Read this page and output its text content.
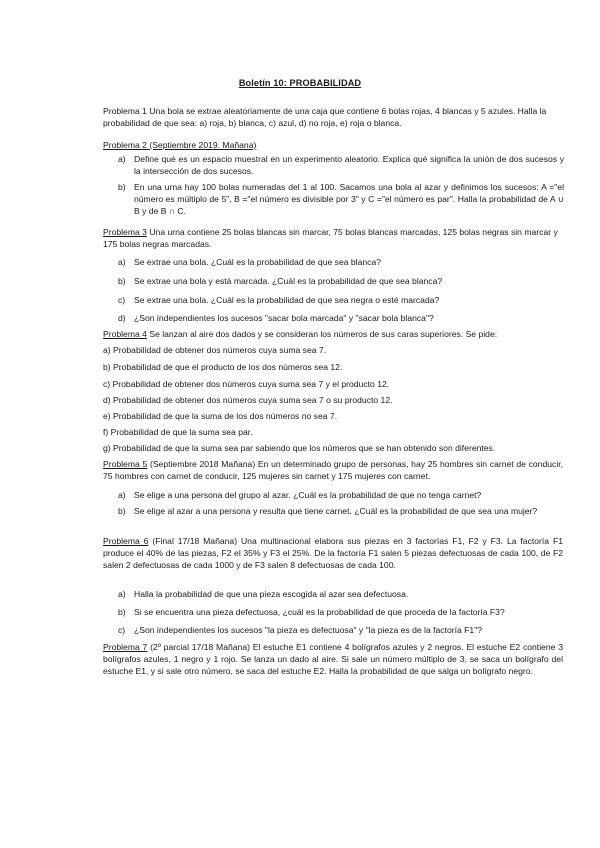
Boletín 10: PROBABILIDAD
Problema 1 Una bola se extrae aleatoriamente de una caja que contiene 6 bolas rojas, 4 blancas y 5 azules. Halla la probabilidad de que sea: a) roja, b) blanca, c) azul, d) no roja, e) roja o blanca.
Problema 2 (Septiembre 2019. Mañana)
a) Define qué es un espacio muestral en un experimento aleatorio. Explica qué significa la unión de dos sucesos y la intersección de dos sucesos.
b) En una urna hay 100 bolas numeradas del 1 al 100. Sacamos una bola al azar y definimos los sucesos: A ="el número es múltiplo de 5", B ="el número es divisible por 3" y C ="el número es par". Halla la probabilidad de A ∪ B y de B ∩ C.
Problema 3 Una urna contiene 25 bolas blancas sin marcar, 75 bolas blancas marcadas, 125 bolas negras sin marcar y 175 bolas negras marcadas.
a) Se extrae una bola. ¿Cuál es la probabilidad de que sea blanca?
b) Se extrae una bola y está marcada. ¿Cuál es la probabilidad de que sea blanca?
c)	Se extrae una bola. ¿Cuál es la probabilidad de que sea negra o esté marcada?
d) ¿Son independientes los sucesos "sacar bola marcada" y "sacar bola blanca"?
Problema 4 Se lanzan al aire dos dados y se consideran los números de sus caras superiores. Se pide:
a) Probabilidad de obtener dos números cuya suma sea 7.
b) Probabilidad de que el producto de los dos números sea 12.
c) Probabilidad de obtener dos números cuya suma sea 7 y el producto 12.
d) Probabilidad de obtener dos números cuya suma sea 7 o su producto 12.
e) Probabilidad de que la suma de los dos números no sea 7.
f) Probabilidad de que la suma sea par.
g) Probabilidad de que la suma sea par sabiendo que los números que se han obtenido son diferentes.
Problema 5 (Septiembre 2018 Mañana) En un determinado grupo de personas, hay 25 hombres sin carnet de conducir, 75 hombres con carnet de conducir, 125 mujeres sin carnet y 175 mujeres con carnet.
a) Se elige a una persona del grupo al azar. ¿Cuál es la probabilidad de que no tenga carnet?
b) Se elige al azar a una persona y resulta que tiene carnet. ¿Cuál es la probabilidad de que sea una mujer?
Problema 6 (Final 17/18 Mañana) Una multinacional elabora sus piezas en 3 factorías F1, F2 y F3. La factoría F1 produce el 40% de las piezas, F2 el 35% y F3 el 25%. De la factoría F1 salen 5 piezas defectuosas de cada 100, de F2 salen 2 defectuosas de cada 1000 y de F3 salen 8 defectuosas de cada 100.
a) Halla la probabilidad de que una pieza escogida al azar sea defectuosa.
b) Si se encuentra una pieza defectuosa, ¿cuál es la probabilidad de que proceda de la factoría F3?
c)	¿Son independientes los sucesos "la pieza es defectuosa" y "la pieza es de la factoría F1"?
Problema 7 (2º parcial 17/18 Mañana) El estuche E1 contiene 4 bolígrafos azules y 2 negros. El estuche E2 contiene 3 bolígrafos azules, 1 negro y 1 rojo. Se lanza un dado al aire. Si sale un número múltiplo de 3, se saca un bolígrafo del estuche E1, y si sale otro número, se saca del estuche E2. Halla la probabilidad de que salga un bolígrafo negro.
